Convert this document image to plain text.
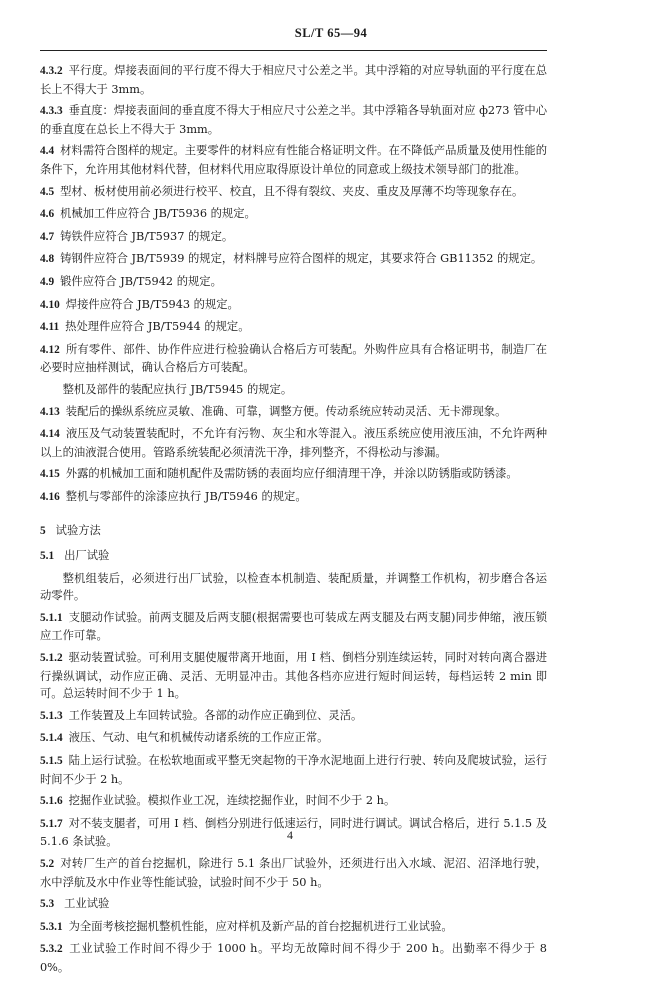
SL/T 65—94

4.3.2 平行度。焊接表面间的平行度不得大于相应尺寸公差之半。其中浮箱的对应导轨面的平行度在总长上不得大于 3mm。

4.3.3 垂直度：焊接表面间的垂直度不得大于相应尺寸公差之半。其中浮箱各导轨面对应 ф273 管中心的垂直度在总长上不得大于 3mm。

4.4 材料需符合图样的规定。主要零件的材料应有性能合格证明文件。在不降低产品质量及使用性能的条件下，允许用其他材料代替，但材料代用应取得原设计单位的同意或上级技术领导部门的批准。

4.5 型材、板材使用前必须进行校平、校直，且不得有裂纹、夹皮、重皮及厚薄不均等现象存在。

4.6 机械加工件应符合 JB/T5936 的规定。

4.7 铸铁件应符合 JB/T5937 的规定。

4.8 铸钢件应符合 JB/T5939 的规定，材料牌号应符合图样的规定，其要求符合 GB11352 的规定。

4.9 锻件应符合 JB/T5942 的规定。

4.10 焊接件应符合 JB/T5943 的规定。

4.11 热处理件应符合 JB/T5944 的规定。

4.12 所有零件、部件、协作件应进行检验确认合格后方可装配。外购件应具有合格证明书，制造厂在必要时应抽样测试，确认合格后方可装配。

整机及部件的装配应执行 JB/T5945 的规定。

4.13 装配后的操纵系统应灵敏、准确、可靠，调整方便。传动系统应转动灵活、无卡滞现象。

4.14 液压及气动装置装配时，不允许有污物、灰尘和水等混入。液压系统应使用液压油，不允许两种以上的油液混合使用。管路系统装配必须清洗干净，排列整齐，不得松动与渗漏。

4.15 外露的机械加工面和随机配件及需防锈的表面均应仔细清理干净，并涂以防锈脂或防锈漆。

4.16 整机与零部件的涂漆应执行 JB/T5946 的规定。

5 试验方法
5.1 出厂试验

整机组装后，必须进行出厂试验，以检查本机制造、装配质量，并调整工作机构，初步磨合各运动零件。

5.1.1 支腿动作试验。前两支腿及后两支腿(根据需要也可装成左两支腿及右两支腿)同步伸缩，液压锁应工作可靠。

5.1.2 驱动装置试验。可利用支腿使履带离开地面，用 I 档、倒档分别连续运转，同时对转向离合器进行操纵调试，动作应正确、灵活、无明显冲击。其他各档亦应进行短时间运转，每档运转 2 min 即可。总运转时间不少于 1 h。

5.1.3 工作装置及上车回转试验。各部的动作应正确到位、灵活。

5.1.4 液压、气动、电气和机械传动诸系统的工作应正常。

5.1.5 陆上运行试验。在松软地面或平整无突起物的干净水泥地面上进行行驶、转向及爬坡试验，运行时间不少于 2 h。

5.1.6 挖掘作业试验。模拟作业工况，连续挖掘作业，时间不少于 2 h。

5.1.7 对不装支腿者，可用 I 档、倒档分别进行低速运行，同时进行调试。调试合格后，进行 5.1.5 及 5.1.6 条试验。

5.2 对转厂生产的首台挖掘机，除进行 5.1 条出厂试验外，还须进行出入水域、泥沼、沼泽地行驶，水中浮航及水中作业等性能试验，试验时间不少于 50 h。

5.3 工业试验

5.3.1 为全面考核挖掘机整机性能，应对样机及新产品的首台挖掘机进行工业试验。

5.3.2 工业试验工作时间不得少于 1000 h。平均无故障时间不得少于 200 h。出勤率不得少于 80%。

4
